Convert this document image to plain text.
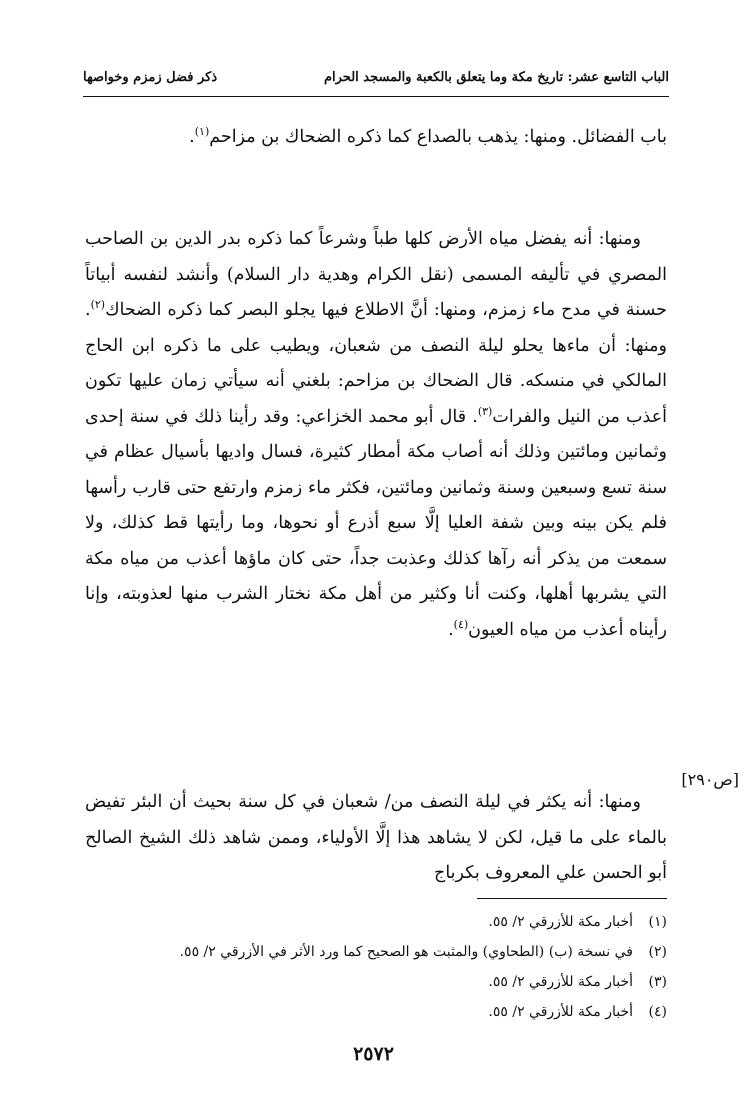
الباب التاسع عشر: تاريخ مكة وما يتعلق بالكعبة والمسجد الحرام
ذكر فضل زمزم وخواصها

باب الفضائل. ومنها: يذهب بالصداع كما ذكره الضحاك بن مزاحم$^{(١)}$.

ومنها: أنه يفضل مياه الأرض كلها طباً وشرعاً كما ذكره بدر الدين بن الصاحب المصري في تأليفه المسمى (نقل الكرام وهدية دار السلام) وأنشد لنفسه أبياتاً حسنة في مدح ماء زمزم، ومنها: أنَّ الاطلاع فيها يجلو البصر كما ذكره الضحاك$^{(٢)}$. ومنها: أن ماءها يحلو ليلة النصف من شعبان، ويطيب على ما ذكره ابن الحاج المالكي في منسكه. قال الضحاك بن مزاحم: بلغني أنه سيأتي زمان عليها تكون أعذب من النيل والفرات$^{(٣)}$. قال أبو محمد الخزاعي: وقد رأينا ذلك في سنة إحدى وثمانين ومائتين وذلك أنه أصاب مكة أمطار كثيرة، فسال واديها بأسيال عظام في سنة تسع وسبعين وسنة وثمانين ومائتين، فكثر ماء زمزم وارتفع حتى قارب رأسها فلم يكن بينه وبين شفة العليا إلَّا سبع أذرع أو نحوها، وما رأيتها قط كذلك، ولا سمعت من يذكر أنه رآها كذلك وعذبت جداً، حتى كان ماؤها أعذب من مياه مكة التي يشربها أهلها، وكنت أنا وكثير من أهل مكة نختار الشرب منها لعذوبته، وإنا رأيناه أعذب من مياه العيون$^{(٤)}$.

[ص٢٩٠]

ومنها: أنه يكثر في ليلة النصف من/ شعبان في كل سنة بحيث أن البئر تفيض بالماء على ما قيل، لكن لا يشاهد هذا إلَّا الأولياء، وممن شاهد ذلك الشيخ الصالح أبو الحسن علي المعروف بكرباج

(١)أخبار مكة للأزرقي ٢/ ٥٥.
(٢)في نسخة (ب) (الطحاوي) والمثبت هو الصحيح كما ورد الأثر في الأزرقي ٢/ ٥٥.
(٣)أخبار مكة للأزرقي ٢/ ٥٥.
(٤)أخبار مكة للأزرقي ٢/ ٥٥.
٢٥٧٢
